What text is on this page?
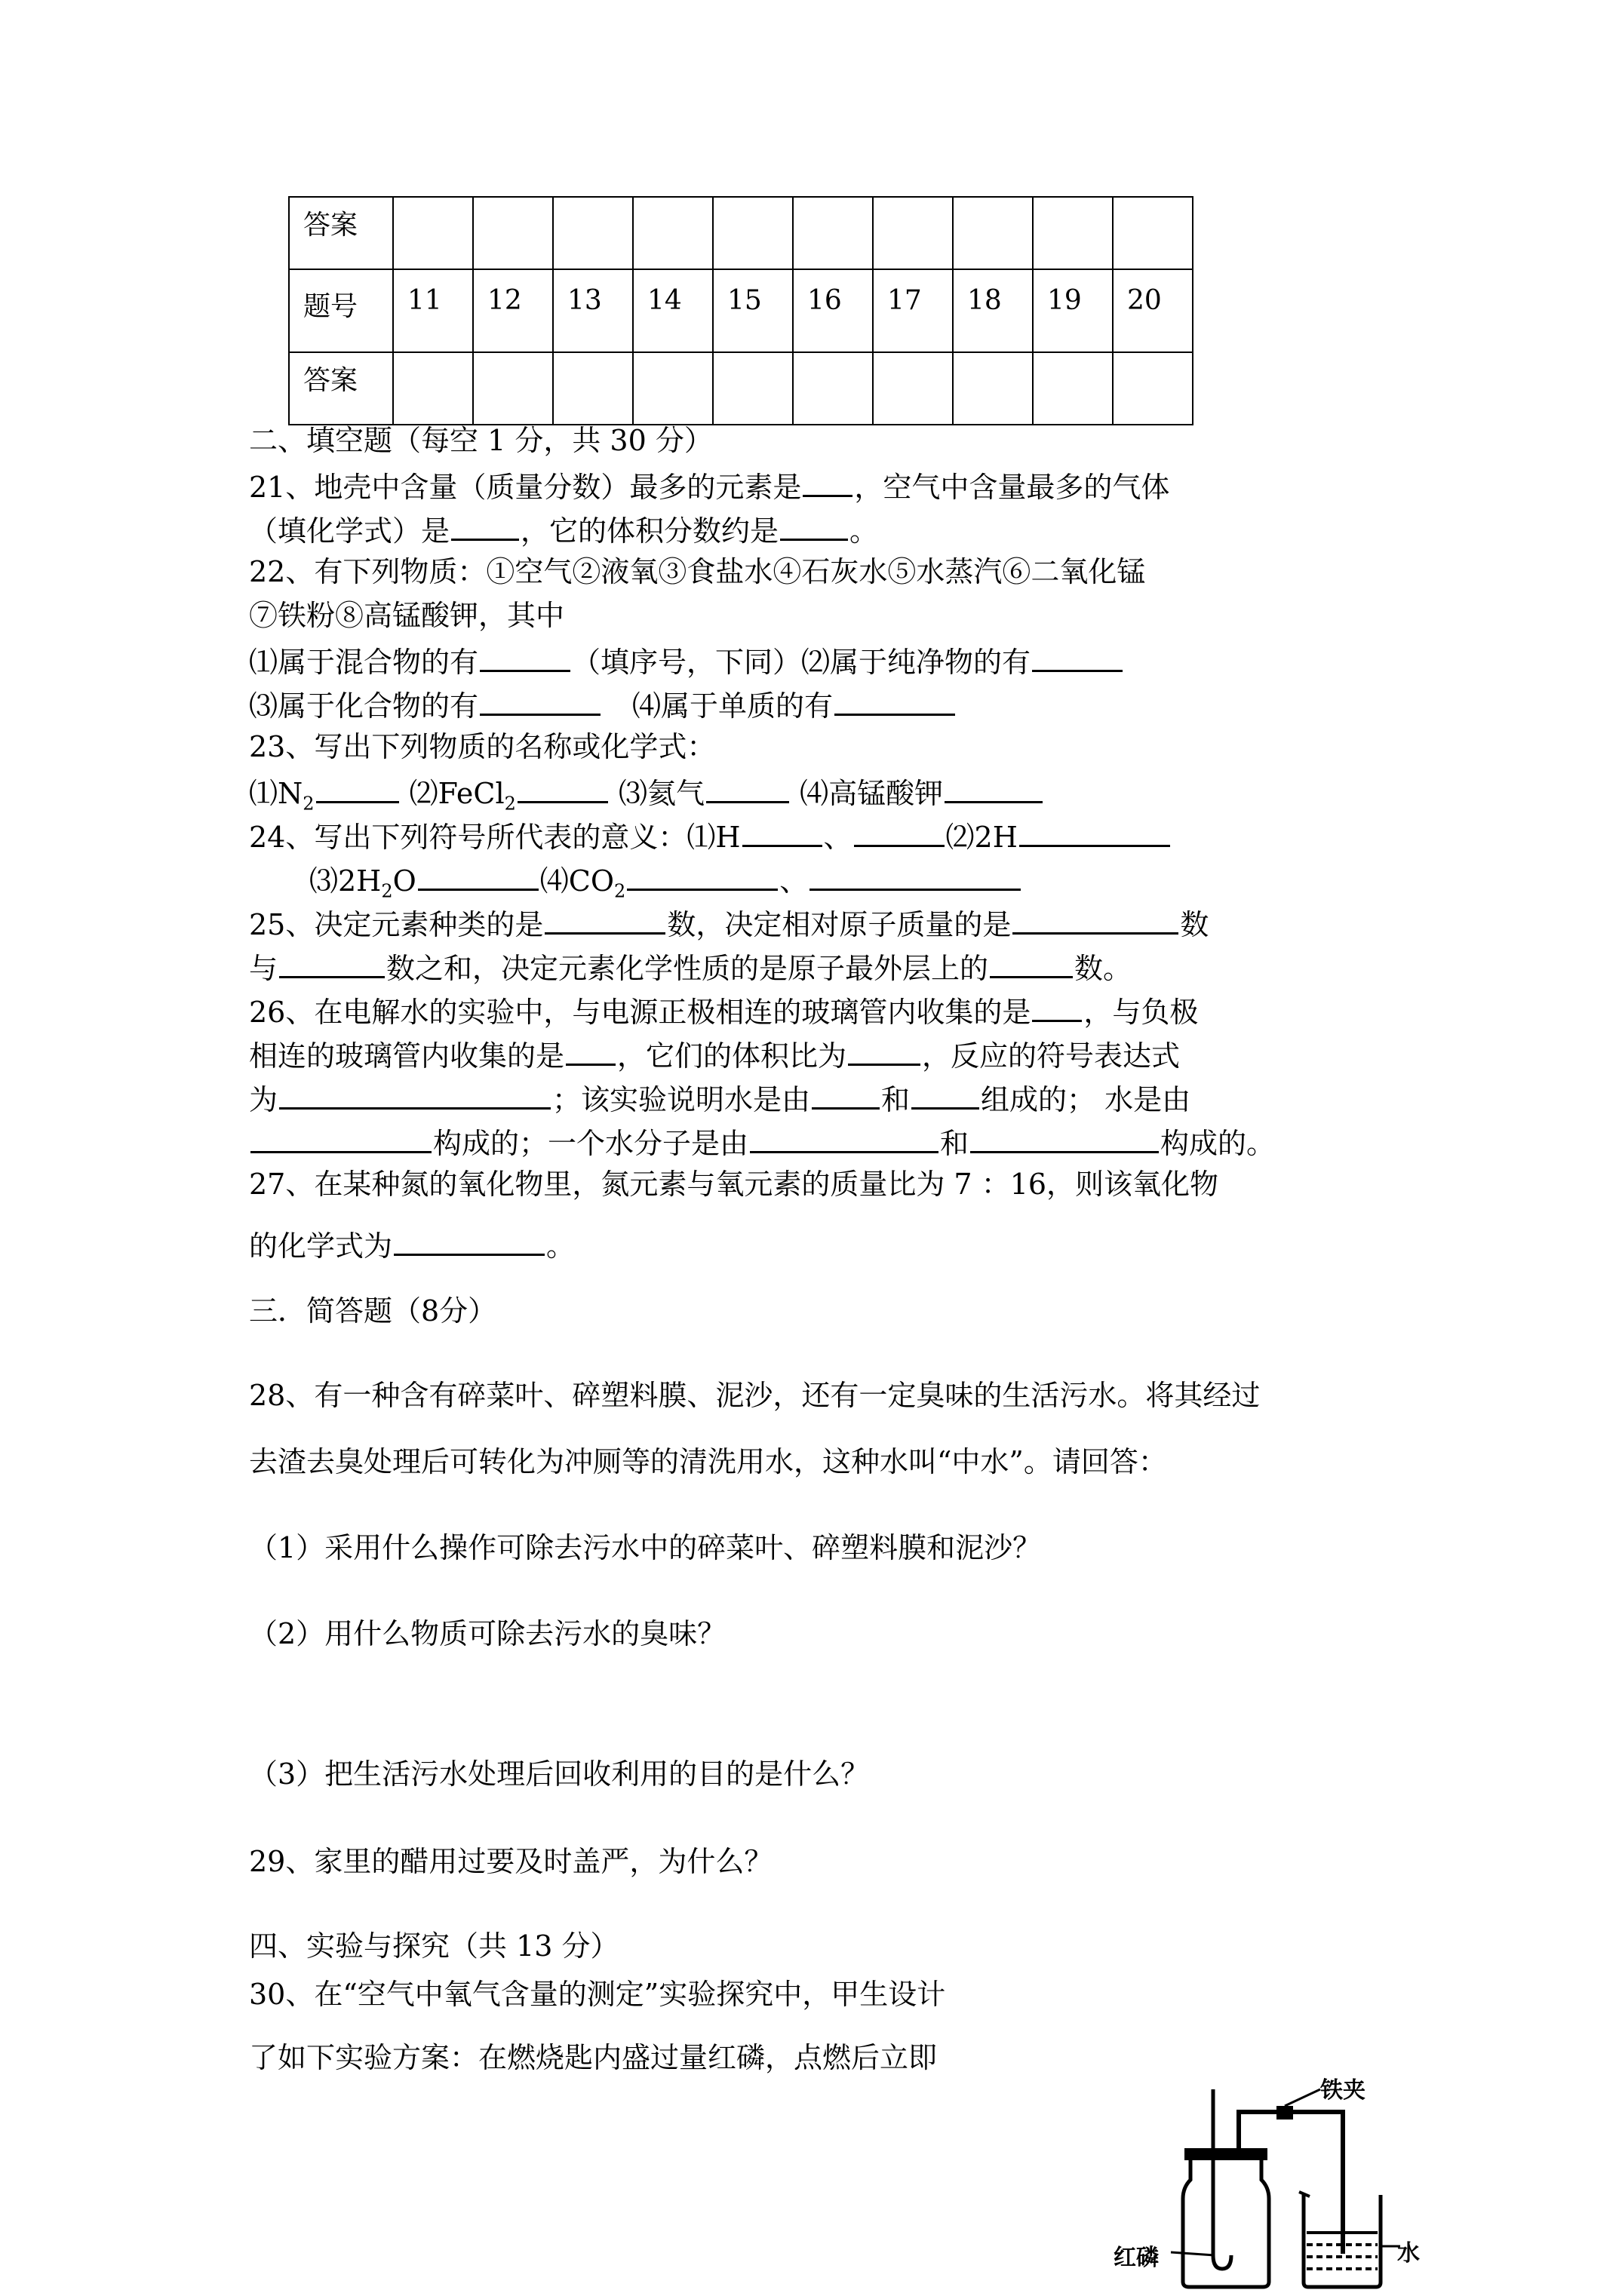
答案										
题号	11	12	13	14	15	16	17	18	19	20
答案										
二、填空题（每空 1 分，共 30 分）
21、地壳中含量（质量分数）最多的元素是 ，空气中含量最多的气体
（填化学式）是 ，它的体积分数约是 。
22、有下列物质：①空气②液氧③食盐水④石灰水⑤水蒸汽⑥二氧化锰
⑦铁粉⑧高锰酸钾，其中
⑴属于混合物的有	（填序号，下同）⑵属于纯净物的有
⑶属于化合物的有	⑷属于单质的有
23、写出下列物质的名称或化学式：
$⑴N_2$	⑵FeCl$_2$	⑶氦气	⑷高锰酸钾
24、写出下列符号所代表的意义：⑴H	、	⑵2H
$⑶2H_2O$	$⑷CO_2$	、
25、决定元素种类的是	数，决定相对原子质量的是	数
与	数之和，决定元素化学性质的是原子最外层上的	数。
26、在电解水的实验中，与电源正极相连的玻璃管内收集的是 ，与负极
相连的玻璃管内收集的是 ，它们的体积比为	，反应的符号表达式
为	；该实验说明水是由 和 组成的； 水是由
构成的；一个水分子是由	和	构成的。
27、在某种氮的氧化物里，氮元素与氧元素的质量比为 7 ：16，则该氧化物
的化学式为	。
三．简答题（8分）
28、有一种含有碎菜叶、碎塑料膜、泥沙，还有一定臭味的生活污水。将其经过
去渣去臭处理后可转化为冲厕等的清洗用水，这种水叫“中水”。请回答：
（1）采用什么操作可除去污水中的碎菜叶、碎塑料膜和泥沙？
（2）用什么物质可除去污水的臭味？
（3）把生活污水处理后回收利用的目的是什么？
29、家里的醋用过要及时盖严，为什么？
四、实验与探究（共 13 分）
30、在“空气中氧气含量的测定”实验探究中，甲生设计
了如下实验方案：在燃烧匙内盛过量红磷，点燃后立即
铁夹
红磷	水
